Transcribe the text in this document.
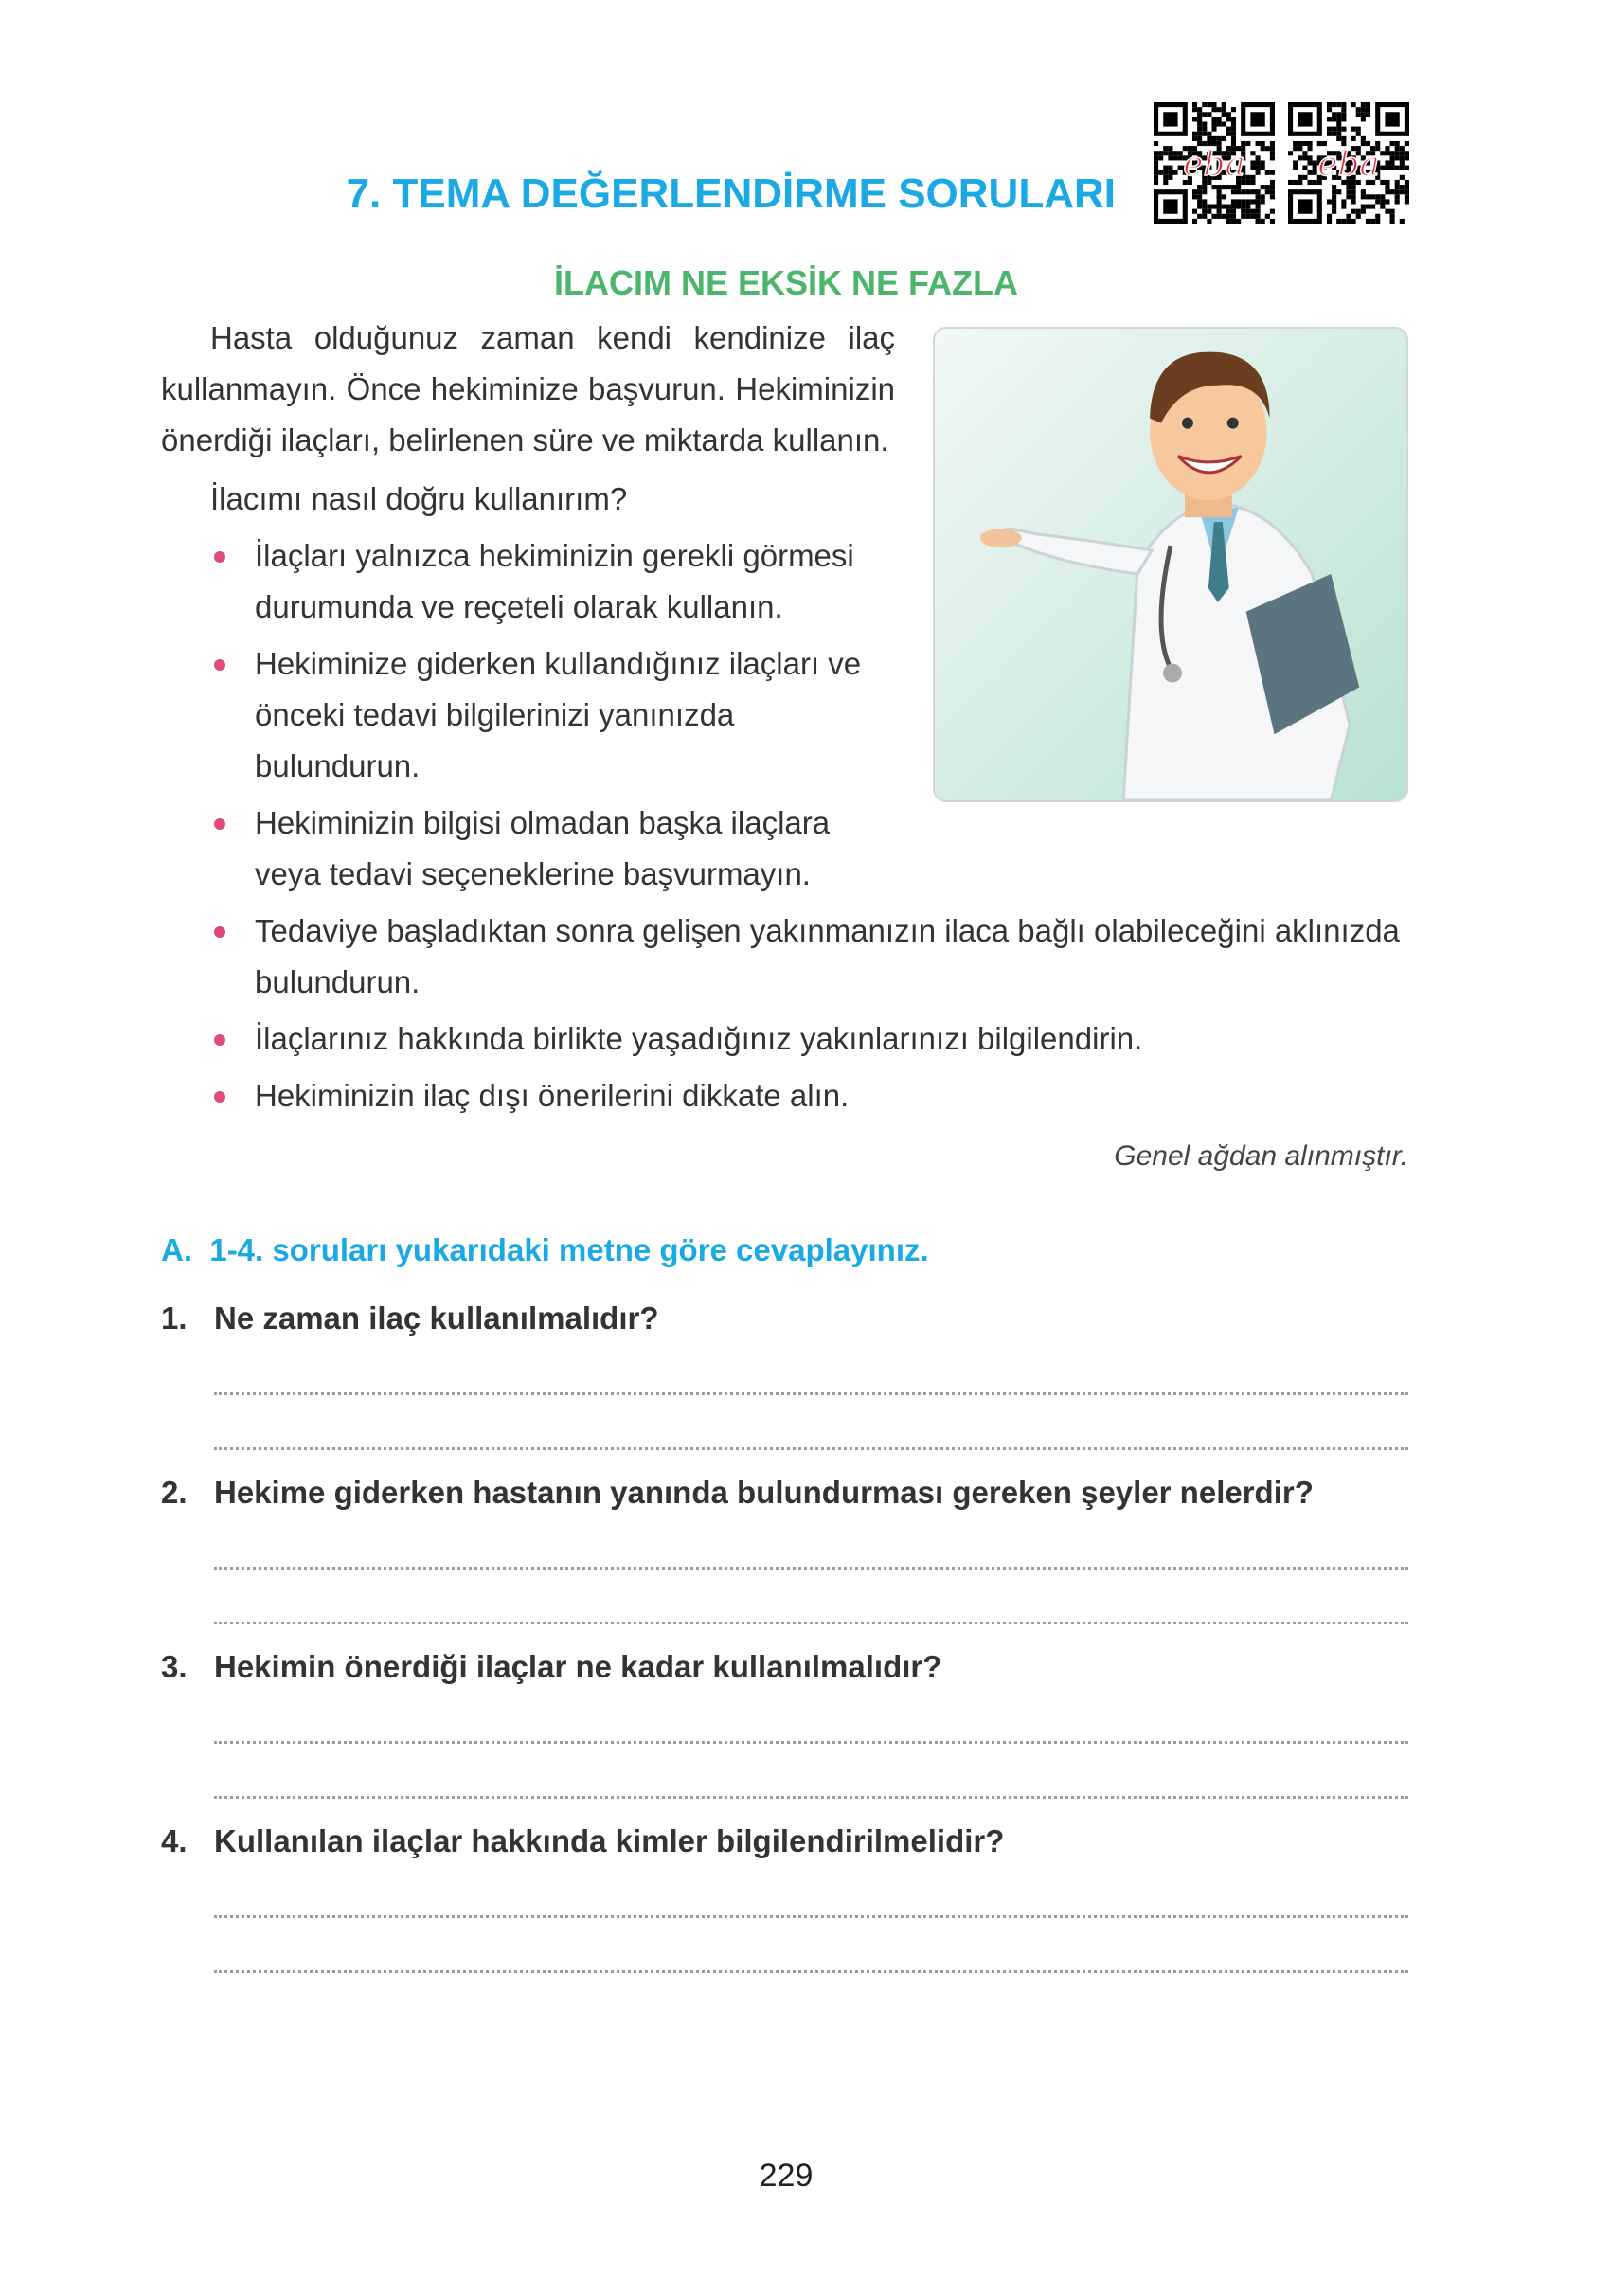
7. TEMA DEĞERLENDİRME SORULARI
eba	eba
İLACIM NE EKSİK NE FAZLA

Hasta olduğunuz zaman kendi kendinize ilaç kullanmayın. Önce hekiminize başvurun. Hekiminizin önerdiği ilaçları, belirlenen süre ve miktarda kullanın.

İlacımı nasıl doğru kullanırım?

İlaçları yalnızca hekiminizin gerekli görmesi durumunda ve reçeteli olarak kullanın.
Hekiminize giderken kullandığınız ilaçları ve önceki tedavi bilgilerinizi yanınızda bulundurun.
Hekiminizin bilgisi olmadan başka ilaçlara veya tedavi seçeneklerine başvurmayın.
Tedaviye başladıktan sonra gelişen yakınmanızın ilaca bağlı olabileceğini aklınızda bulundurun.
İlaçlarınız hakkında birlikte yaşadığınız yakınlarınızı bilgilendirin.
Hekiminizin ilaç dışı önerilerini dikkate alın.
Genel ağdan alınmıştır.
A.  1-4. soruları yukarıdaki metne göre cevaplayınız.
1. Ne zaman ilaç kullanılmalıdır?
2. Hekime giderken hastanın yanında bulundurması gereken şeyler nelerdir?
3. Hekimin önerdiği ilaçlar ne kadar kullanılmalıdır?
4. Kullanılan ilaçlar hakkında kimler bilgilendirilmelidir?
229
